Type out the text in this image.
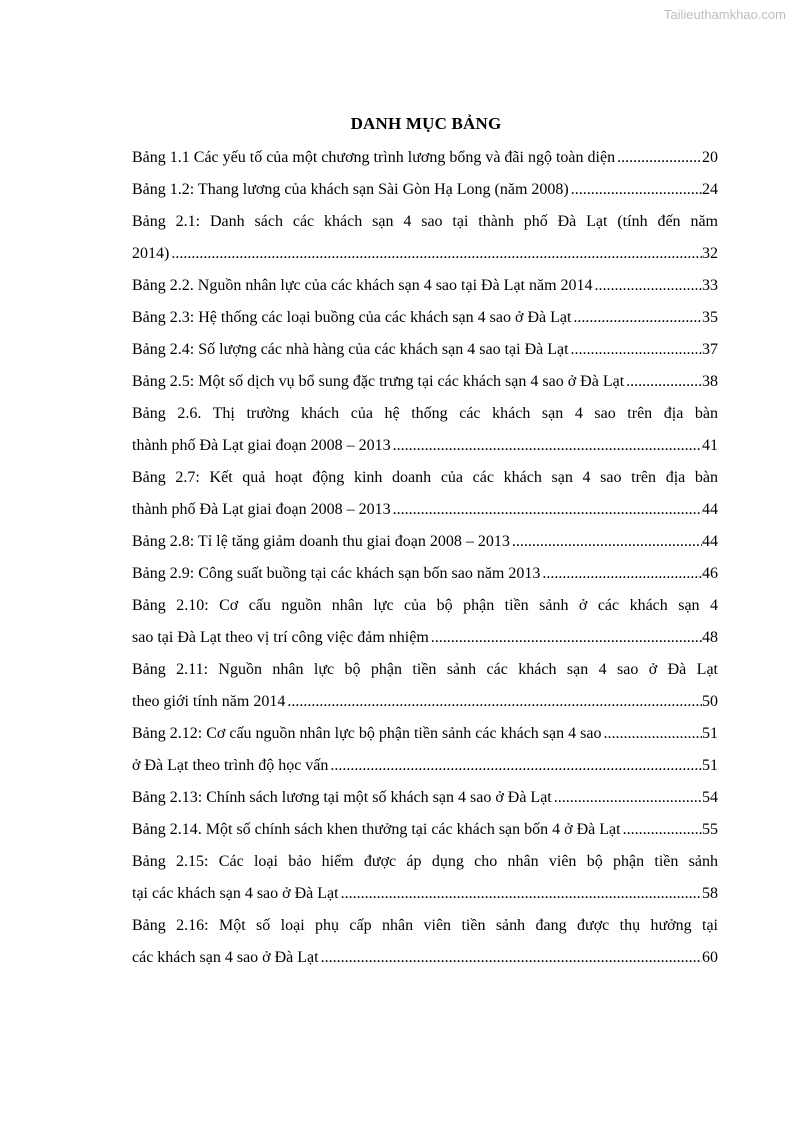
Tailieuthamkhao.com
DANH MỤC BẢNG
Bảng 1.1 Các yếu tố của một chương trình lương bổng và đãi ngộ toàn diện .....	20
Bảng 1.2: Thang lương của khách sạn Sài Gòn Hạ Long (năm 2008) .....	24
Bảng 2.1: Danh sách các khách sạn 4 sao tại thành phố Đà Lạt (tính đến năm
2014) .....	32
Bảng 2.2. Nguồn nhân lực của các khách sạn 4 sao tại Đà Lạt năm 2014 .....	33
Bảng 2.3: Hệ thống các loại buồng của các khách sạn 4 sao ở Đà Lạt .....	35
Bảng 2.4: Số lượng các nhà hàng của các khách sạn 4 sao tại Đà Lạt .....	37
Bảng 2.5: Một số dịch vụ bổ sung đặc trưng tại các khách sạn 4 sao ở Đà Lạt .....	38
Bảng 2.6. Thị trường khách của hệ thống các khách sạn 4 sao trên địa bàn
thành phố Đà Lạt giai đoạn 2008 – 2013 .....	41
Bảng 2.7: Kết quả hoạt động kinh doanh của các khách sạn 4 sao trên địa bàn
thành phố Đà Lạt giai đoạn 2008 – 2013 .....	44
Bảng 2.8: Tỉ lệ tăng giảm doanh thu giai đoạn 2008 – 2013 .....	44
Bảng 2.9: Công suất buồng tại các khách sạn bốn sao năm 2013 .....	46
Bảng 2.10: Cơ cấu nguồn nhân lực của bộ phận tiền sảnh ở các khách sạn 4
sao tại Đà Lạt theo vị trí công việc đảm nhiệm .....	48
Bảng 2.11: Nguồn nhân lực bộ phận tiền sảnh các khách sạn 4 sao ở Đà Lạt
theo giới tính năm 2014 .....	50
Bảng 2.12: Cơ cấu nguồn nhân lực bộ phận tiền sảnh các khách sạn 4 sao .....	51
ở Đà Lạt theo trình độ học vấn .....	51
Bảng 2.13: Chính sách lương tại một số khách sạn 4 sao ở Đà Lạt .....	54
Bảng 2.14. Một số chính sách khen thưởng tại các khách sạn bốn 4 ở Đà Lạt .....	55
Bảng 2.15: Các loại bảo hiểm được áp dụng cho nhân viên bộ phận tiền sảnh
tại các khách sạn 4 sao ở Đà Lạt .....	58
Bảng 2.16: Một số loại phụ cấp nhân viên tiền sảnh đang được thụ hưởng tại
các khách sạn 4 sao ở Đà Lạt .....	60
